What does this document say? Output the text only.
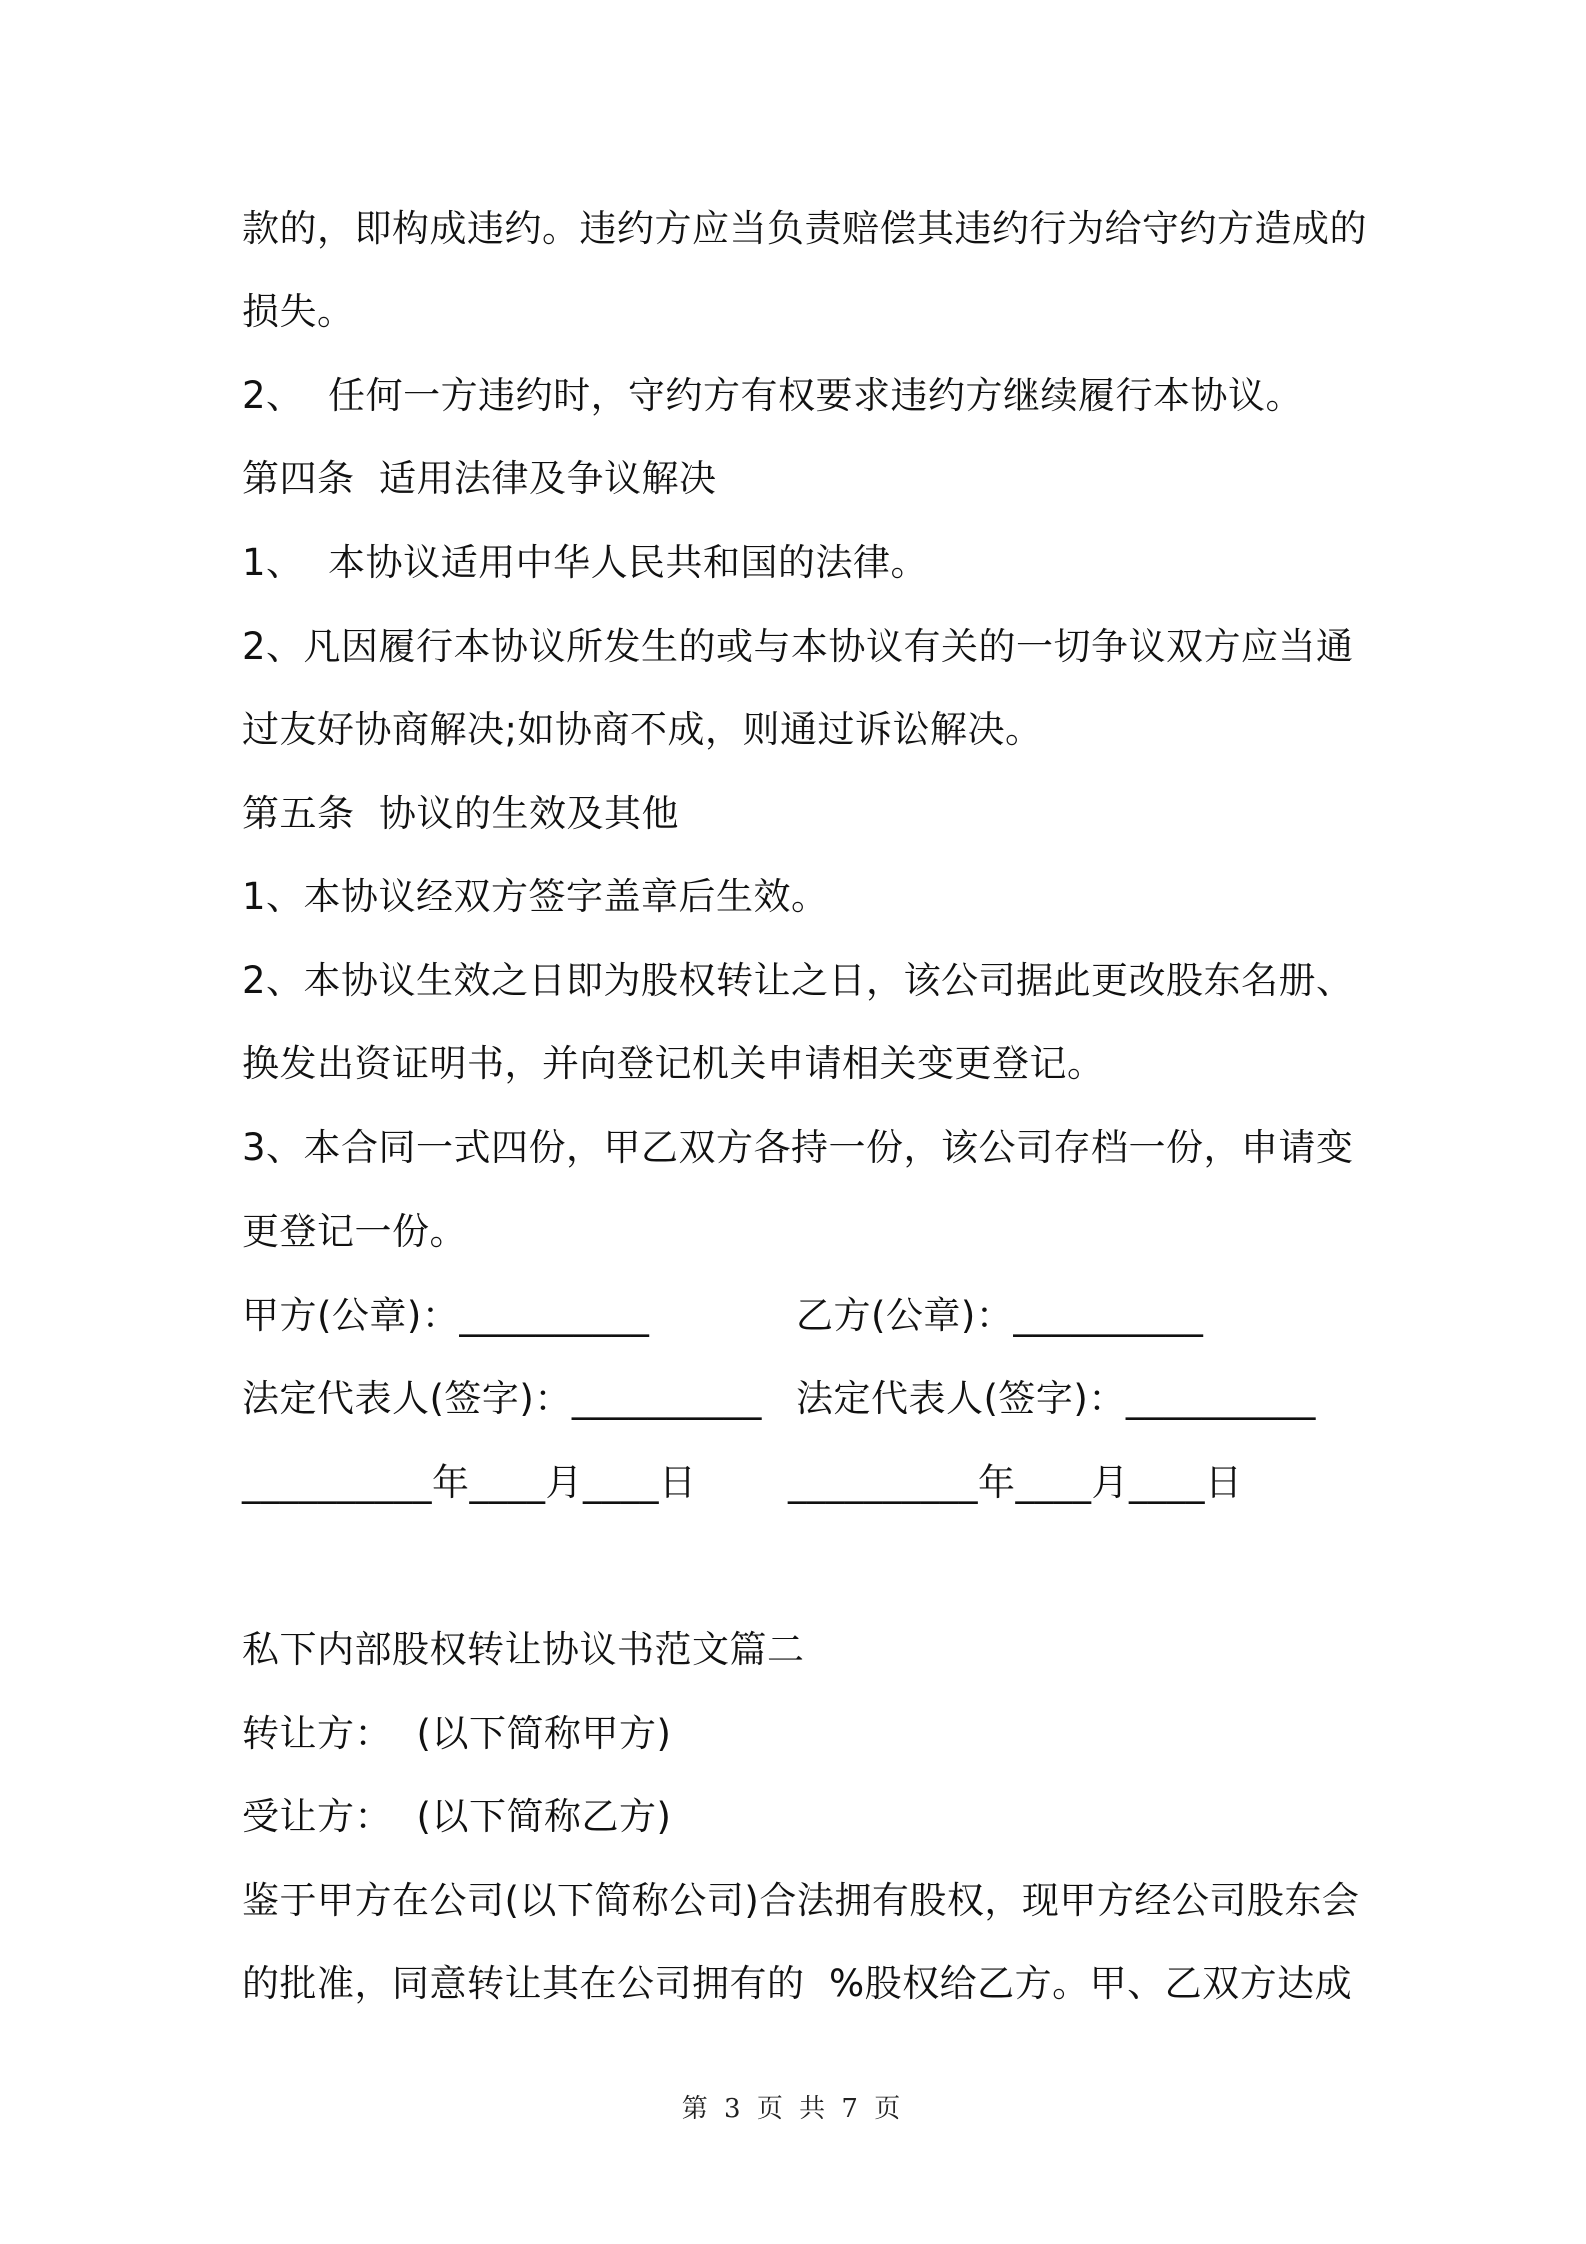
款的，即构成违约。违约方应当负责赔偿其违约行为给守约方造成的
损失。
2、  任何一方违约时，守约方有权要求违约方继续履行本协议。
第四条  适用法律及争议解决
1、  本协议适用中华人民共和国的法律。
2、凡因履行本协议所发生的或与本协议有关的一切争议双方应当通
过友好协商解决;如协商不成，则通过诉讼解决。
第五条  协议的生效及其他
1、本协议经双方签字盖章后生效。
2、本协议生效之日即为股权转让之日，该公司据此更改股东名册、
换发出资证明书，并向登记机关申请相关变更登记。
3、本合同一式四份，甲乙双方各持一份，该公司存档一份，申请变
更登记一份。
甲方(公章)：__________	乙方(公章)：__________
法定代表人(签字)：__________ 法定代表人(签字)：__________
__________年____月____日 __________年____月____日
私下内部股权转让协议书范文篇二
转让方：  (以下简称甲方)
受让方：  (以下简称乙方)
鉴于甲方在公司(以下简称公司)合法拥有股权，现甲方经公司股东会
的批准，同意转让其在公司拥有的  %股权给乙方。甲、乙双方达成
第 3 页 共 7 页
